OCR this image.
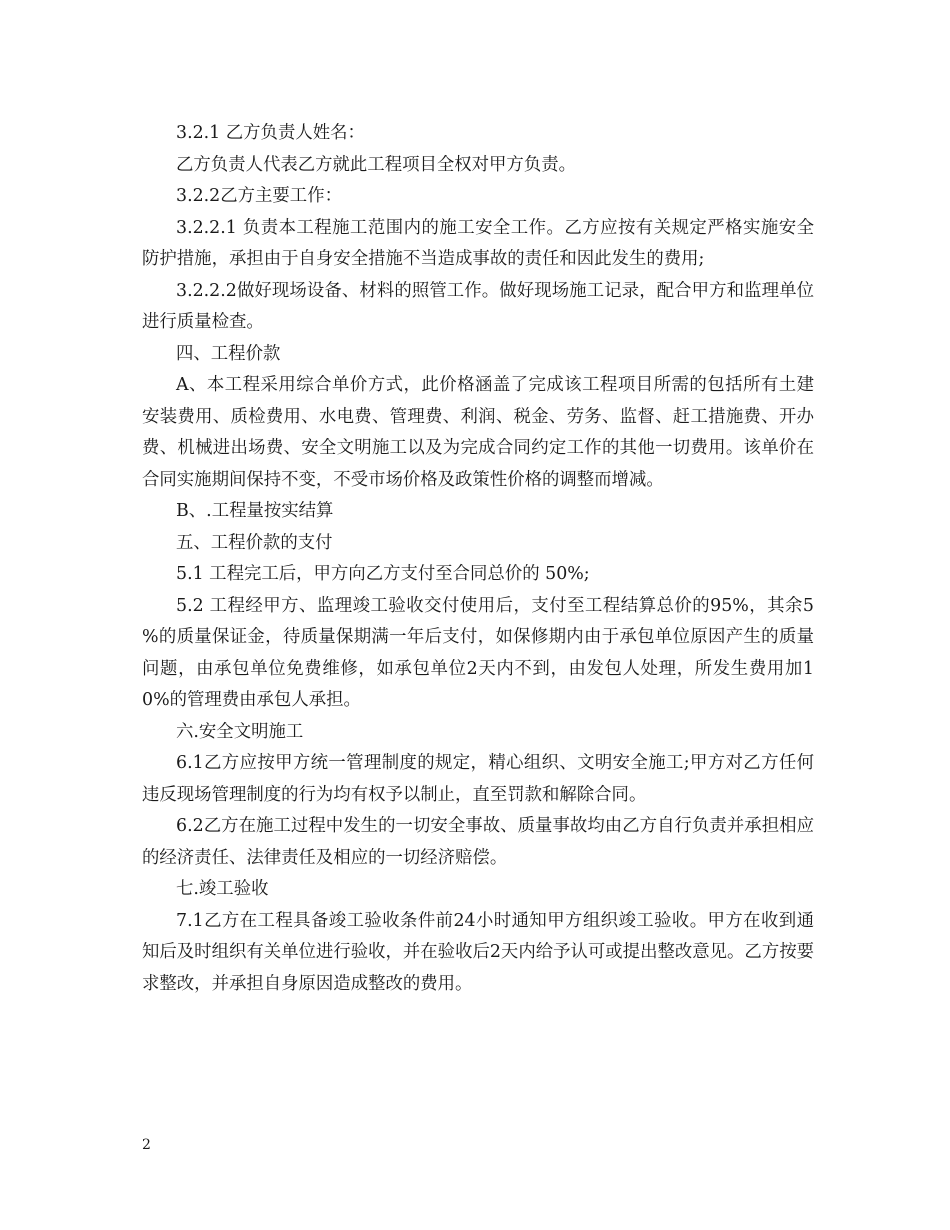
3.2.1 乙方负责人姓名：

乙方负责人代表乙方就此工程项目全权对甲方负责。

3.2.2乙方主要工作：

3.2.2.1 负责本工程施工范围内的施工安全工作。乙方应按有关规定严格实施安全防护措施，承担由于自身安全措施不当造成事故的责任和因此发生的费用;

3.2.2.2做好现场设备、材料的照管工作。做好现场施工记录，配合甲方和监理单位进行质量检查。

四、工程价款

A、本工程采用综合单价方式，此价格涵盖了完成该工程项目所需的包括所有土建安装费用、质检费用、水电费、管理费、利润、税金、劳务、监督、赶工措施费、开办费、机械进出场费、安全文明施工以及为完成合同约定工作的其他一切费用。该单价在合同实施期间保持不变，不受市场价格及政策性价格的调整而增减。

B、.工程量按实结算

五、工程价款的支付

5.1 工程完工后，甲方向乙方支付至合同总价的 50%;

5.2 工程经甲方、监理竣工验收交付使用后，支付至工程结算总价的95%，其余5 %的质量保证金，待质量保期满一年后支付，如保修期内由于承包单位原因产生的质量问题，由承包单位免费维修，如承包单位2天内不到，由发包人处理，所发生费用加10%的管理费由承包人承担。

六.安全文明施工

6.1乙方应按甲方统一管理制度的规定，精心组织、文明安全施工;甲方对乙方任何违反现场管理制度的行为均有权予以制止，直至罚款和解除合同。

6.2乙方在施工过程中发生的一切安全事故、质量事故均由乙方自行负责并承担相应的经济责任、法律责任及相应的一切经济赔偿。

七.竣工验收

7.1乙方在工程具备竣工验收条件前24小时通知甲方组织竣工验收。甲方在收到通知后及时组织有关单位进行验收，并在验收后2天内给予认可或提出整改意见。乙方按要求整改，并承担自身原因造成整改的费用。

2
